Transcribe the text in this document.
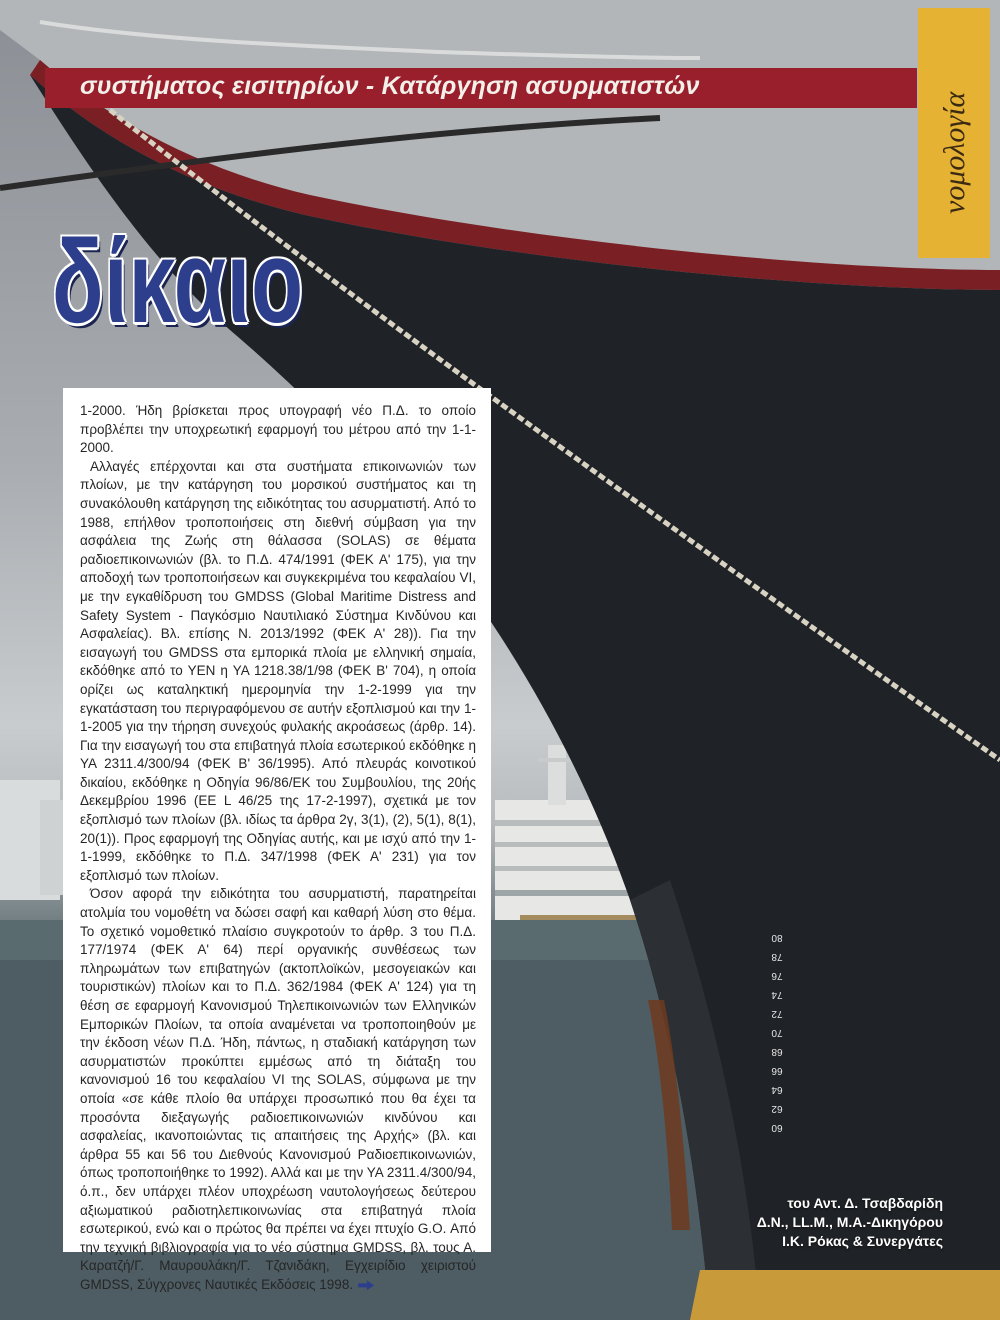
νομολογία
συστήματος εισιτηρίων - Κατάργηση ασυρματιστών
δίκαιο
80
78
76
74
72
70
68
66
64
62
60

1-2000. Ήδη βρίσκεται προς υπογραφή νέο Π.Δ. το οποίο προβλέπει την υποχρεωτική εφαρμογή του μέτρου από την 1-1-2000.

Αλλαγές επέρχονται και στα συστήματα επικοινωνιών των πλοίων, με την κατάργηση του μορσικού συστήματος και τη συνακόλουθη κατάργηση της ειδικότητας του ασυρματιστή. Από το 1988, επήλθον τροποποιήσεις στη διεθνή σύμβαση για την ασφάλεια της Ζωής στη θάλασσα (SOLAS) σε θέματα ραδιοεπικοινωνιών (βλ. το Π.Δ. 474/1991 (ΦΕΚ Α' 175), για την αποδοχή των τροποποιήσεων και συγκεκριμένα του κεφαλαίου VI, με την εγκαθίδρυση του GMDSS (Global Maritime Distress and Safety System - Παγκόσμιο Ναυτιλιακό Σύστημα Κινδύνου και Ασφαλείας). Βλ. επίσης Ν. 2013/1992 (ΦΕΚ Α' 28)). Για την εισαγωγή του GMDSS στα εμπορικά πλοία με ελληνική σημαία, εκδόθηκε από το ΥΕΝ η ΥΑ 1218.38/1/98 (ΦΕΚ Β' 704), η οποία ορίζει ως καταληκτική ημερομηνία την 1-2-1999 για την εγκατάσταση του περιγραφόμενου σε αυτήν εξοπλισμού και την 1-1-2005 για την τήρηση συνεχούς φυλακής ακροάσεως (άρθρ. 14). Για την εισαγωγή του στα επιβατηγά πλοία εσωτερικού εκδόθηκε η ΥΑ 2311.4/300/94 (ΦΕΚ Β' 36/1995). Από πλευράς κοινοτικού δικαίου, εκδόθηκε η Οδηγία 96/86/ΕΚ του Συμβουλίου, της 20ής Δεκεμβρίου 1996 (ΕΕ L 46/25 της 17-2-1997), σχετικά με τον εξοπλισμό των πλοίων (βλ. ιδίως τα άρθρα 2γ, 3(1), (2), 5(1), 8(1), 20(1)). Προς εφαρμογή της Οδηγίας αυτής, και με ισχύ από την 1-1-1999, εκδόθηκε το Π.Δ. 347/1998 (ΦΕΚ Α' 231) για τον εξοπλισμό των πλοίων.

Όσον αφορά την ειδικότητα του ασυρματιστή, παρατηρείται ατολμία του νομοθέτη να δώσει σαφή και καθαρή λύση στο θέμα. Το σχετικό νομοθετικό πλαίσιο συγκροτούν το άρθρ. 3 του Π.Δ. 177/1974 (ΦΕΚ Α' 64) περί οργανικής συνθέσεως των πληρωμάτων των επιβατηγών (ακτοπλοϊκών, μεσογειακών και τουριστικών) πλοίων και το Π.Δ. 362/1984 (ΦΕΚ Α' 124) για τη θέση σε εφαρμογή Κανονισμού Τηλεπικοινωνιών των Ελληνικών Εμπορικών Πλοίων, τα οποία αναμένεται να τροποποιηθούν με την έκδοση νέων Π.Δ. Ήδη, πάντως, η σταδιακή κατάργηση των ασυρματιστών προκύπτει εμμέσως από τη διάταξη του κανονισμού 16 του κεφαλαίου VI της SOLAS, σύμφωνα με την οποία «σε κάθε πλοίο θα υπάρχει προσωπικό που θα έχει τα προσόντα διεξαγωγής ραδιοεπικοινωνιών κινδύνου και ασφαλείας, ικανοποιώντας τις απαιτήσεις της Αρχής» (βλ. και άρθρα 55 και 56 του Διεθνούς Κανονισμού Ραδιοεπικοινωνιών, όπως τροποποιήθηκε το 1992). Αλλά και με την ΥΑ 2311.4/300/94, ό.π., δεν υπάρχει πλέον υποχρέωση ναυτολογήσεως δεύτερου αξιωματικού ραδιοτηλεπικοινωνίας στα επιβατηγά πλοία εσωτερικού, ενώ και ο πρώτος θα πρέπει να έχει πτυχίο G.O. Από την τεχνική βιβλιογραφία για το νέο σύστημα GMDSS, βλ. τους Α. Καρατζή/Γ. Μαυρουλάκη/Γ. Τζανιδάκη, Εγχειρίδιο χειριστού GMDSS, Σύγχρονες Ναυτικές Εκδόσεις 1998.

του Αντ. Δ. Τσαβδαρίδη
Δ.Ν., LL.M., Μ.Α.-Δικηγόρου
Ι.Κ. Ρόκας & Συνεργάτες
